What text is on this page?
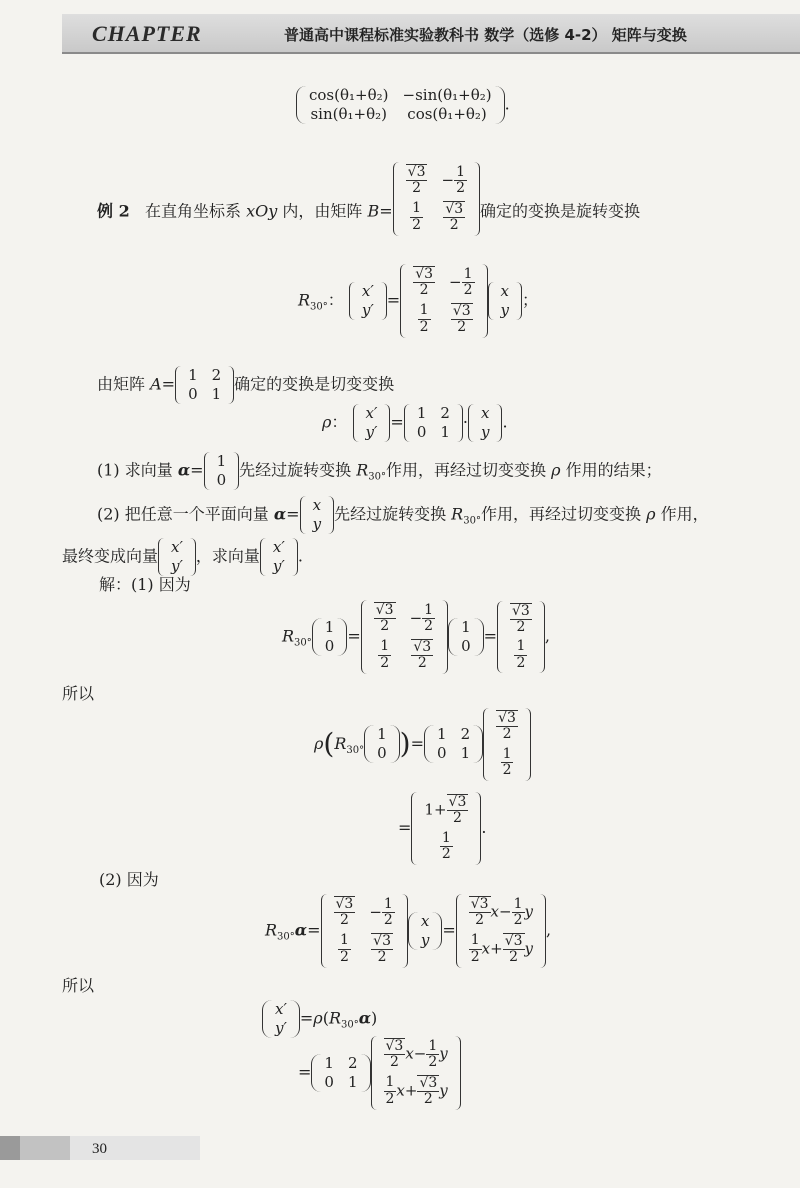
CHAPTER	普通高中课程标准实验教科书 数学（选修 4-2） 矩阵与变换
cos(θ₁+θ₂)	−sin(θ₁+θ₂)
sin(θ₁+θ₂)	cos(θ₁+θ₂)
.
例 2 在直角坐标系 xOy 内，由矩阵 B=
$\frac{√3}{2}$	− $\frac{1}{2}$

$\frac{1}{2}$	$\frac{√3}{2}$ 确定的变换是旋转变换
$R_{30^\circ}$： x′
y′
=
$\frac{√3}{2}$	− $\frac{1}{2}$

$\frac{1}{2}$	$\frac{√3}{2}$
x
y
；
由矩阵 A= 1	2
0	1
确定的变换是切变变换
ρ： x′
y′
= 1	2
0	1
· x
y
.
(1) 求向量 α= 1
0
先经过旋转变换 $R_{30^\circ}$作用，再经过切变变换 ρ 作用的结果；
(2) 把任意一个平面向量 α= x
y
先经过旋转变换 $R_{30^\circ}$作用，再经过切变变换 ρ 作用，
最终变成向量 x′
y′
，求向量 x′
y′
.
解：(1) 因为
$R_{30^\circ}$
1
0
=
$\frac{√3}{2}$	− $\frac{1}{2}$

$\frac{1}{2}$	$\frac{√3}{2}$
1
0
=
$\frac{√3}{2}$

$\frac{1}{2}$
,
所以
$\rho(R_{30^\circ}$
1
0 )= 1	2
0	1
$\frac{√3}{2}$

$\frac{1}{2}$
=
$1+ \frac{√3}{2}$

$\frac{1}{2}$
.
(2) 因为
$R_{30^\circ}\alpha=$
$\frac{√3}{2}$	− $\frac{1}{2}$

$\frac{1}{2}$	$\frac{√3}{2}$
x
y
=
$\frac{√3}{2} x- \frac{1}{2}$ y

$\frac{1}{2} x+ \frac{√3}{2}$ y
,
所以
x′
y′
$=\rho(R_{30^\circ}\alpha)$
= 1	2
0	1
$\frac{√3}{2} x- \frac{1}{2}$ y

$\frac{1}{2} x+ \frac{√3}{2}$ y
30
